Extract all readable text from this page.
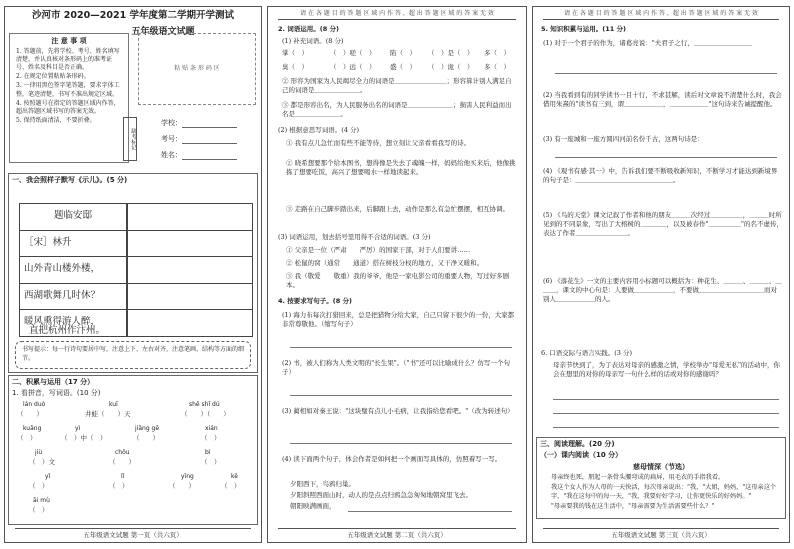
沙河市 2020—2021 学年度第二学期开学测试
五年级语文试题
注 意 事 项

1. 答题前，先将学校、考号、姓名填写清楚，并认真核对条形码上的准考证号、姓名及科目是否正确。

2. 在规定位置粘贴条形码。

3. 一律用黑色签字笔答题，要求字体工整，笔迹清楚，书写不准出规定区域。

4. 按照题号在指定的答题区域内作答，超出答题区域书写的答案无效。

5. 保持纸面清洁，不要折叠。

粘 贴 条 形 码 区
缺考标记
学校：
考号：
姓名：
一、我会照样子默写《示儿》。(5 分)
题临安邸
［宋］林升
山外青山楼外楼，
西湖歌舞几时休？
暖风熏得游人醉，
直把杭州作汴州。
书写提示：每一行诗句要居中写，注意上下、左右对齐，注意笔画、结构等方面的细节。
二、积累与运用（17 分）
1. 看拼音，写词语。(10 分)
lán duò	kuī	shě shī dú
（　　）	井蛙（　　）天	（　　）（　　）
kuāng	yì	jiǎng gē	xián
（　）	（　）中（　）	（　　）	（　）
jiù	chǒu	bì
（　）文	（　　）	（　）
yǐ	lǐ	yīng	kě
（　）	（　）	（　　）	（　）
āi mù
（　）
五年级语文试题 第一页（共六页）
请 在 各 题 目 的 答 题 区 域 内 作 答 ，超 出 答 题 区 域 的 答 案 无 效
2. 词语运用。(8 分)
(1) 补充词语。(8 分)
掌（　）	（　）嗟（　） 陷（　） （　）是（　） 多（　）
臭（　）	（　）远（　） 盛（　） （　）诡（　） 多（　）
② 形容为国家为人民竭尽全力的词语是＿＿＿＿＿＿＿＿；形容算计别人满足自己的词语是＿＿＿＿＿＿＿。
③ 都是形容出名，为人民服务出名的词语是＿＿＿＿＿＿＿；损害人民利益而出名是＿＿＿＿＿＿＿。
(2) 根据意思写词语。(4 分)
① 我有点儿急忙而有些不能等待，想立刻让父亲看看我写的诗。
② 晓希想要那个给本图书，想得像是失去了魂魄一样，妈妈给他买来后，他像挑拣了想要吃饭，高兴了想要喝水一样地读起来。
③ 走路在自己脚步踏出来，后脚跟上去，动作是那么有急忙摆摆，相互协调。
(3) 词语运用，划去括号里用得不合适的词语。(3 分)
① 父亲是一位（严肃　　严厉）的国家干部，对于人们要讲……
② 松鼠的窝（通常　　通道）搭在树枝分杈的地方，又干净又暖和。
③ 我（敬爱　　敬重）我的爷爷，他是一家电影公司的重要人物，写过好多剧本。
4. 按要求写句子。(8 分)
(1) 海力布每次打猎回来，总是把猎物分给大家，自己只留下很少的一份，大家都非常尊敬他。（缩写句子）
(2) 书，被人们称为人类文明的"长生果"。（"书"还可以比喻成什么？仿写一个句子）
(3) 蔺相如对秦王说："这块璧有点儿小毛病，让我指给您看吧。"（改为转述句）
(4) 读下面两个句子，体会作者是如何把一个画面写具体的，仿照着写一写。
夕阳西下，鸟鸦归巢。
夕阳斜照西面山时，动人的是点点归鸦急急匆匆地朝窝里飞去。
朝阳映满画面，
五年级语文试题 第二页（共六页）
请 在 各 题 目 的 答 题 区 域 内 作 答 ，超 出 答 题 区 域 的 答 案 无 效
5. 知识积累与运用。(11 分)
(1) 对于一个君子的作为，诸葛亮说："夫君子之行，＿＿＿＿＿＿＿＿＿
(2) 当我看到有的同学读书一目十行，不求甚解，读后对文章说不清楚什么时，我会借用朱熹的"读书有三到，谓＿＿＿＿＿＿，＿＿＿＿＿＿"这句诗来告诫提醒他。
(3) 有一座城和一座方圆四河前名份千古，这两句诗是：
(4) 《观书有感·其一》中，告诉我们要不断吸收新知识，不断学习才能达到新境界的句子是：＿＿＿＿＿＿＿＿＿＿＿＿＿＿＿。
(5) 《鸟的天堂》课文记叙了作者和他的朋友＿＿＿次经过＿＿＿＿＿，＿＿＿时所见到的不同景象，写出了大榕树的＿＿＿＿，以及被春作"＿＿＿＿＿"的名不虚传，表达了作者＿＿＿＿＿＿＿＿。
(6) 《落花生》一文的主要内容用小标题可以概括为：种花生、＿＿＿、＿＿＿、＿＿＿，课文的中心句是：人要做＿＿＿＿＿＿，不要做＿＿＿＿＿＿＿＿＿＿而对别人＿＿＿＿＿＿的人。
6. 口语交际与语言实践。(3 分)
母亲节快到了，为了表达对母亲的感激之情，学校举办"母爱无私"的活动中，你会在想里的对你的母亲写一句什么样的话或对你的感谢吗？
三、阅读理解。(20 分)
（一）课内阅读（10 分）
慈母情深（节选）
母亲终也死，朋起一条骨头腰弯成的扁屏，用毛衣的手指我看。
我这个女人作为人母的一天快活，每次母亲说出："我，"大姐，妈妈，"这母亲这个字，"我在这每中的每一天，"我，我要好好学习，让你更快乐的好妈妈。"
"母亲要我的钱在这生活中，"母亲需要为生活需要些什么？"
五年级语文试题 第三页（共六页）
